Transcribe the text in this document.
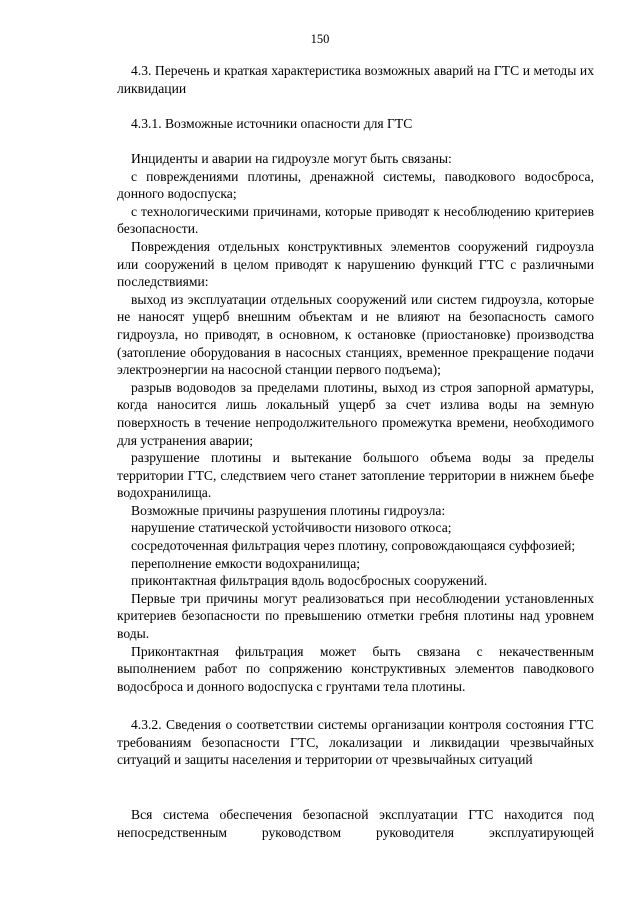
150

4.3. Перечень и краткая характеристика возможных аварий на ГТС и методы их ликвидации

4.3.1. Возможные источники опасности для ГТС

Инциденты и аварии на гидроузле могут быть связаны:

с повреждениями плотины, дренажной системы, паводкового водосброса, донного водоспуска;

с технологическими причинами, которые приводят к несоблюдению критериев безопасности.

Повреждения отдельных конструктивных элементов сооружений гидроузла или сооружений в целом приводят к нарушению функций ГТС с различными последствиями:

выход из эксплуатации отдельных сооружений или систем гидроузла, которые не наносят ущерб внешним объектам и не влияют на безопасность самого гидроузла, но приводят, в основном, к остановке (приостановке) производства (затопление оборудования в насосных станциях, временное прекращение подачи электроэнергии на насосной станции первого подъема);

разрыв водоводов за пределами плотины, выход из строя запорной арматуры, когда наносится лишь локальный ущерб за счет излива воды на земную поверхность в течение непродолжительного промежутка времени, необходимого для устранения аварии;

разрушение плотины и вытекание большого объема воды за пределы территории ГТС, следствием чего станет затопление территории в нижнем бьефе водохранилища.

Возможные причины разрушения плотины гидроузла:

нарушение статической устойчивости низового откоса;

сосредоточенная фильтрация через плотину, сопровождающаяся суффозией;

переполнение емкости водохранилища;

приконтактная фильтрация вдоль водосбросных сооружений.

Первые три причины могут реализоваться при несоблюдении установленных критериев безопасности по превышению отметки гребня плотины над уровнем воды.

Приконтактная фильтрация может быть связана с некачественным выполнением работ по сопряжению конструктивных элементов паводкового водосброса и донного водоспуска с грунтами тела плотины.

4.3.2. Сведения о соответствии системы организации контроля состояния ГТС требованиям безопасности ГТС, локализации и ликвидации чрезвычайных ситуаций и защиты населения и территории от чрезвычайных ситуаций

Вся система обеспечения безопасной эксплуатации ГТС находится под непосредственным руководством руководителя эксплуатирующей
